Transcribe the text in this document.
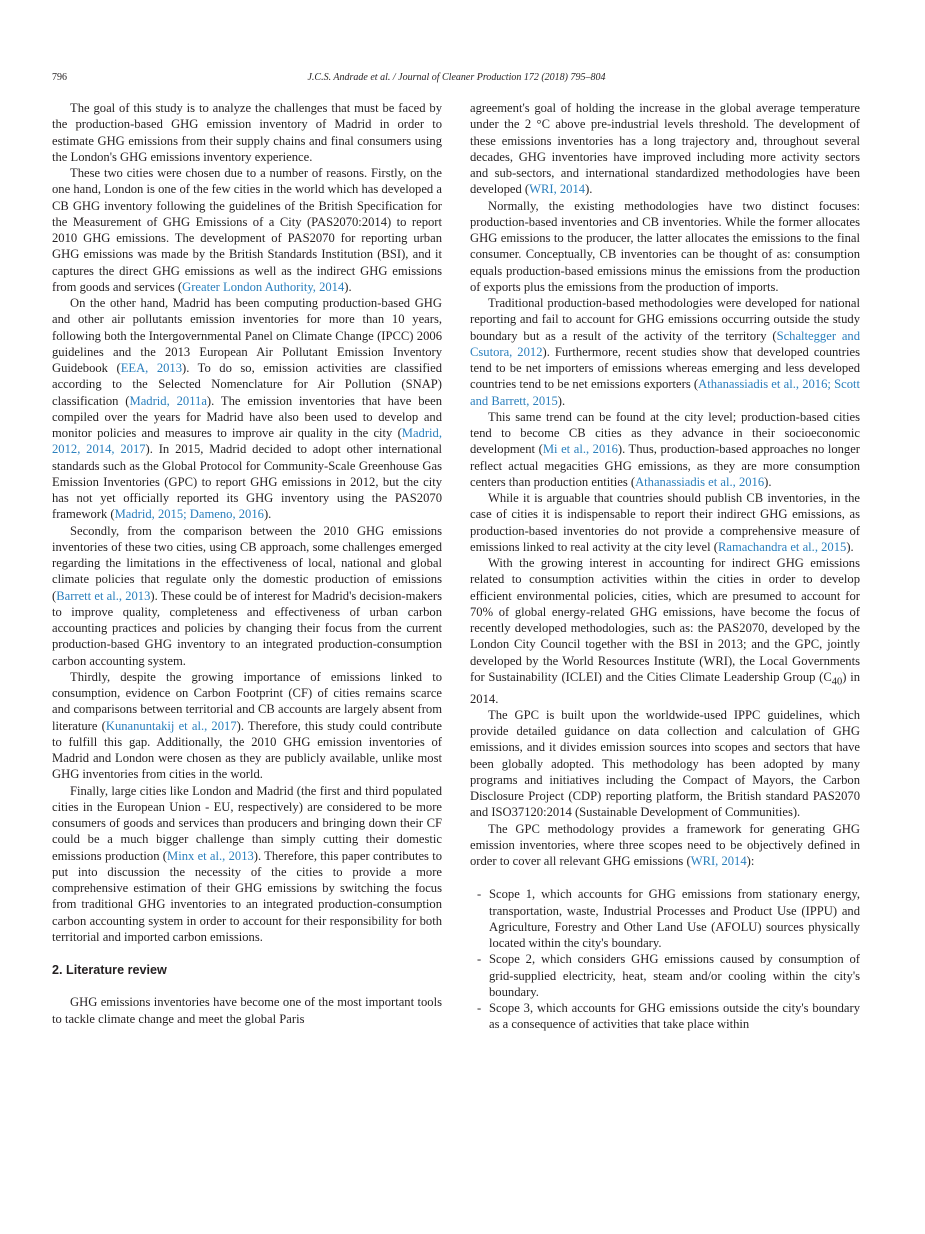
796	J.C.S. Andrade et al. / Journal of Cleaner Production 172 (2018) 795–804

The goal of this study is to analyze the challenges that must be faced by the production-based GHG emission inventory of Madrid in order to estimate GHG emissions from their supply chains and final consumers using the London's GHG emissions inventory experience.

These two cities were chosen due to a number of reasons. Firstly, on the one hand, London is one of the few cities in the world which has developed a CB GHG inventory following the guidelines of the British Specification for the Measurement of GHG Emissions of a City (PAS2070:2014) to report 2010 GHG emissions. The development of PAS2070 for reporting urban GHG emissions was made by the British Standards Institution (BSI), and it captures the direct GHG emissions as well as the indirect GHG emissions from goods and services (Greater London Authority, 2014).

On the other hand, Madrid has been computing production-based GHG and other air pollutants emission inventories for more than 10 years, following both the Intergovernmental Panel on Climate Change (IPCC) 2006 guidelines and the 2013 European Air Pollutant Emission Inventory Guidebook (EEA, 2013). To do so, emission activities are classified according to the Selected Nomenclature for Air Pollution (SNAP) classification (Madrid, 2011a). The emission inventories that have been compiled over the years for Madrid have also been used to develop and monitor policies and measures to improve air quality in the city (Madrid, 2012, 2014, 2017). In 2015, Madrid decided to adopt other international standards such as the Global Protocol for Community-Scale Greenhouse Gas Emission Inventories (GPC) to report GHG emissions in 2012, but the city has not yet officially reported its GHG inventory using the PAS2070 framework (Madrid, 2015; Dameno, 2016).

Secondly, from the comparison between the 2010 GHG emissions inventories of these two cities, using CB approach, some challenges emerged regarding the limitations in the effectiveness of local, national and global climate policies that regulate only the domestic production of emissions (Barrett et al., 2013). These could be of interest for Madrid's decision-makers to improve quality, completeness and effectiveness of urban carbon accounting practices and policies by changing their focus from the current production-based GHG inventory to an integrated production-consumption carbon accounting system.

Thirdly, despite the growing importance of emissions linked to consumption, evidence on Carbon Footprint (CF) of cities remains scarce and comparisons between territorial and CB accounts are largely absent from literature (Kunanuntakij et al., 2017). Therefore, this study could contribute to fulfill this gap. Additionally, the 2010 GHG emission inventories of Madrid and London were chosen as they are publicly available, unlike most GHG inventories from cities in the world.

Finally, large cities like London and Madrid (the first and third populated cities in the European Union - EU, respectively) are considered to be more consumers of goods and services than producers and bringing down their CF could be a much bigger challenge than simply cutting their domestic emissions production (Minx et al., 2013). Therefore, this paper contributes to put into discussion the necessity of the cities to provide a more comprehensive estimation of their GHG emissions by switching the focus from traditional GHG inventories to an integrated production-consumption carbon accounting system in order to account for their responsibility for both territorial and imported carbon emissions.

2. Literature review

GHG emissions inventories have become one of the most important tools to tackle climate change and meet the global Paris

agreement's goal of holding the increase in the global average temperature under the 2 °C above pre-industrial levels threshold. The development of these emissions inventories has a long trajectory and, throughout several decades, GHG inventories have improved including more activity sectors and sub-sectors, and international standardized methodologies have been developed (WRI, 2014).

Normally, the existing methodologies have two distinct focuses: production-based inventories and CB inventories. While the former allocates GHG emissions to the producer, the latter allocates the emissions to the final consumer. Conceptually, CB inventories can be thought of as: consumption equals production-based emissions minus the emissions from the production of exports plus the emissions from the production of imports.

Traditional production-based methodologies were developed for national reporting and fail to account for GHG emissions occurring outside the study boundary but as a result of the activity of the territory (Schaltegger and Csutora, 2012). Furthermore, recent studies show that developed countries tend to be net importers of emissions whereas emerging and less developed countries tend to be net emissions exporters (Athanassiadis et al., 2016; Scott and Barrett, 2015).

This same trend can be found at the city level; production-based cities tend to become CB cities as they advance in their socioeconomic development (Mi et al., 2016). Thus, production-based approaches no longer reflect actual megacities GHG emissions, as they are more consumption centers than production entities (Athanassiadis et al., 2016).

While it is arguable that countries should publish CB inventories, in the case of cities it is indispensable to report their indirect GHG emissions, as production-based inventories do not provide a comprehensive measure of emissions linked to real activity at the city level (Ramachandra et al., 2015).

With the growing interest in accounting for indirect GHG emissions related to consumption activities within the cities in order to develop efficient environmental policies, cities, which are presumed to account for 70% of global energy-related GHG emissions, have become the focus of recently developed methodologies, such as: the PAS2070, developed by the London City Council together with the BSI in 2013; and the GPC, jointly developed by the World Resources Institute (WRI), the Local Governments for Sustainability (ICLEI) and the Cities Climate Leadership Group $(C_{40})$ in 2014.

The GPC is built upon the worldwide-used IPPC guidelines, which provide detailed guidance on data collection and calculation of GHG emissions, and it divides emission sources into scopes and sectors that have been globally adopted. This methodology has been adopted by many programs and initiatives including the Compact of Mayors, the Carbon Disclosure Project (CDP) reporting platform, the British standard PAS2070 and ISO37120:2014 (Sustainable Development of Communities).

The GPC methodology provides a framework for generating GHG emission inventories, where three scopes need to be objectively defined in order to cover all relevant GHG emissions (WRI, 2014):

- Scope 1, which accounts for GHG emissions from stationary energy, transportation, waste, Industrial Processes and Product Use (IPPU) and Agriculture, Forestry and Other Land Use (AFOLU) sources physically located within the city's boundary.
- Scope 2, which considers GHG emissions caused by consumption of grid-supplied electricity, heat, steam and/or cooling within the city's boundary.
- Scope 3, which accounts for GHG emissions outside the city's boundary as a consequence of activities that take place within
